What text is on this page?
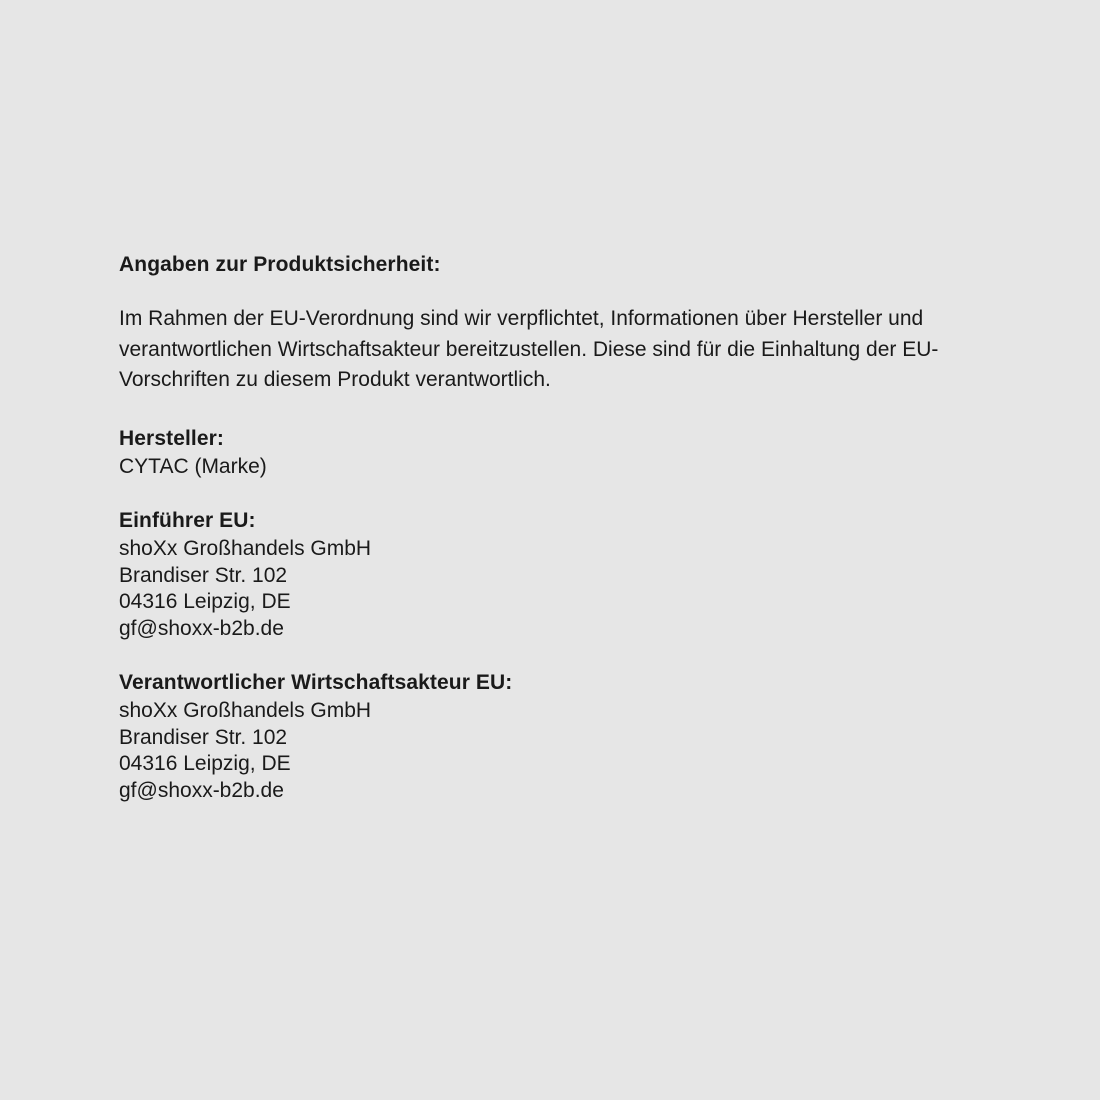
Angaben zur Produktsicherheit:

Im Rahmen der EU-Verordnung sind wir verpflichtet, Informationen über Hersteller und verantwortlichen Wirtschaftsakteur bereitzustellen. Diese sind für die Einhaltung der EU-Vorschriften zu diesem Produkt verantwortlich.

Hersteller:

CYTAC (Marke)

Einführer EU:

shoXx Großhandels GmbH

Brandiser Str. 102

04316 Leipzig, DE

gf@shoxx-b2b.de

Verantwortlicher Wirtschaftsakteur EU:

shoXx Großhandels GmbH

Brandiser Str. 102

04316 Leipzig, DE

gf@shoxx-b2b.de
